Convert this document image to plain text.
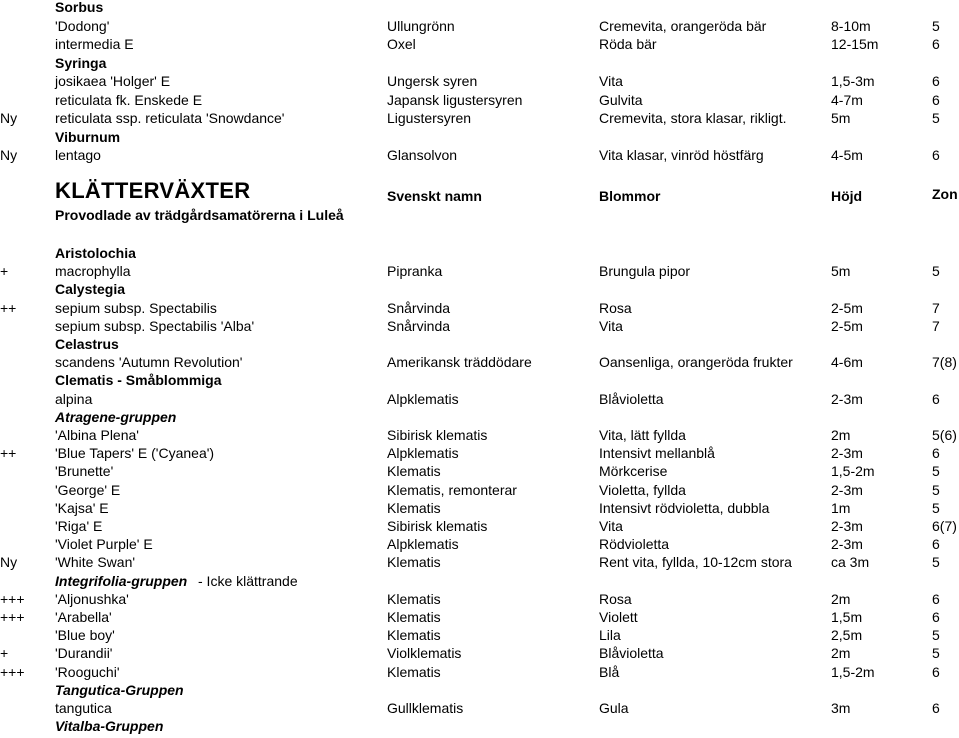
Sorbus
'Dodong'	Ullungrönn	Cremevita, orangeröda bär	8-10m	5
intermedia E	Oxel	Röda bär	12-15m	6
Syringa
josikaea 'Holger' E	Ungersk syren	Vita	1,5-3m	6
reticulata fk. Enskede E	Japansk ligustersyren	Gulvita	4-7m	6
Ny	reticulata ssp. reticulata 'Snowdance'	Ligustersyren	Cremevita, stora klasar, rikligt.	5m	5
Viburnum
Ny	lentago	Glansolvon	Vita klasar, vinröd höstfärg	4-5m	6
KLÄTTERVÄXTER	Svenskt namn	Blommor	Höjd	Zon
Provodlade av trädgårdsamatörerna i Luleå
Aristolochia
+	macrophylla	Pipranka	Brungula pipor	5m	5
Calystegia
++	sepium subsp. Spectabilis	Snårvinda	Rosa	2-5m	7
sepium subsp. Spectabilis 'Alba'	Snårvinda	Vita	2-5m	7
Celastrus
scandens 'Autumn Revolution'	Amerikansk träddödare	Oansenliga, orangeröda frukter	4-6m	7(8)
Clematis - Småblommiga
alpina	Alpklematis	Blåvioletta	2-3m	6
Atragene-gruppen
'Albina Plena'	Sibirisk klematis	Vita, lätt fyllda	2m	5(6)
++	'Blue Tapers' E ('Cyanea')	Alpklematis	Intensivt mellanblå	2-3m	6
'Brunette'	Klematis	Mörkcerise	1,5-2m	5
'George' E	Klematis, remonterar	Violetta, fyllda	2-3m	5
'Kajsa' E	Klematis	Intensivt rödvioletta, dubbla	1m	5
'Riga' E	Sibirisk klematis	Vita	2-3m	6(7)
'Violet Purple' E	Alpklematis	Rödvioletta	2-3m	6
Ny	'White Swan'	Klematis	Rent vita, fyllda, 10-12cm stora	ca 3m	5
Integrifolia-gruppen - Icke klättrande
+++ 'Aljonushka'	Klematis	Rosa	2m	6
+++ 'Arabella'	Klematis	Violett	1,5m	6
'Blue boy'	Klematis	Lila	2,5m	5
+	'Durandii'	Violklematis	Blåvioletta	2m	5
+++ 'Rooguchi'	Klematis	Blå	1,5-2m	6
Tangutica-Gruppen
tangutica	Gullklematis	Gula	3m	6
Vitalba-Gruppen
